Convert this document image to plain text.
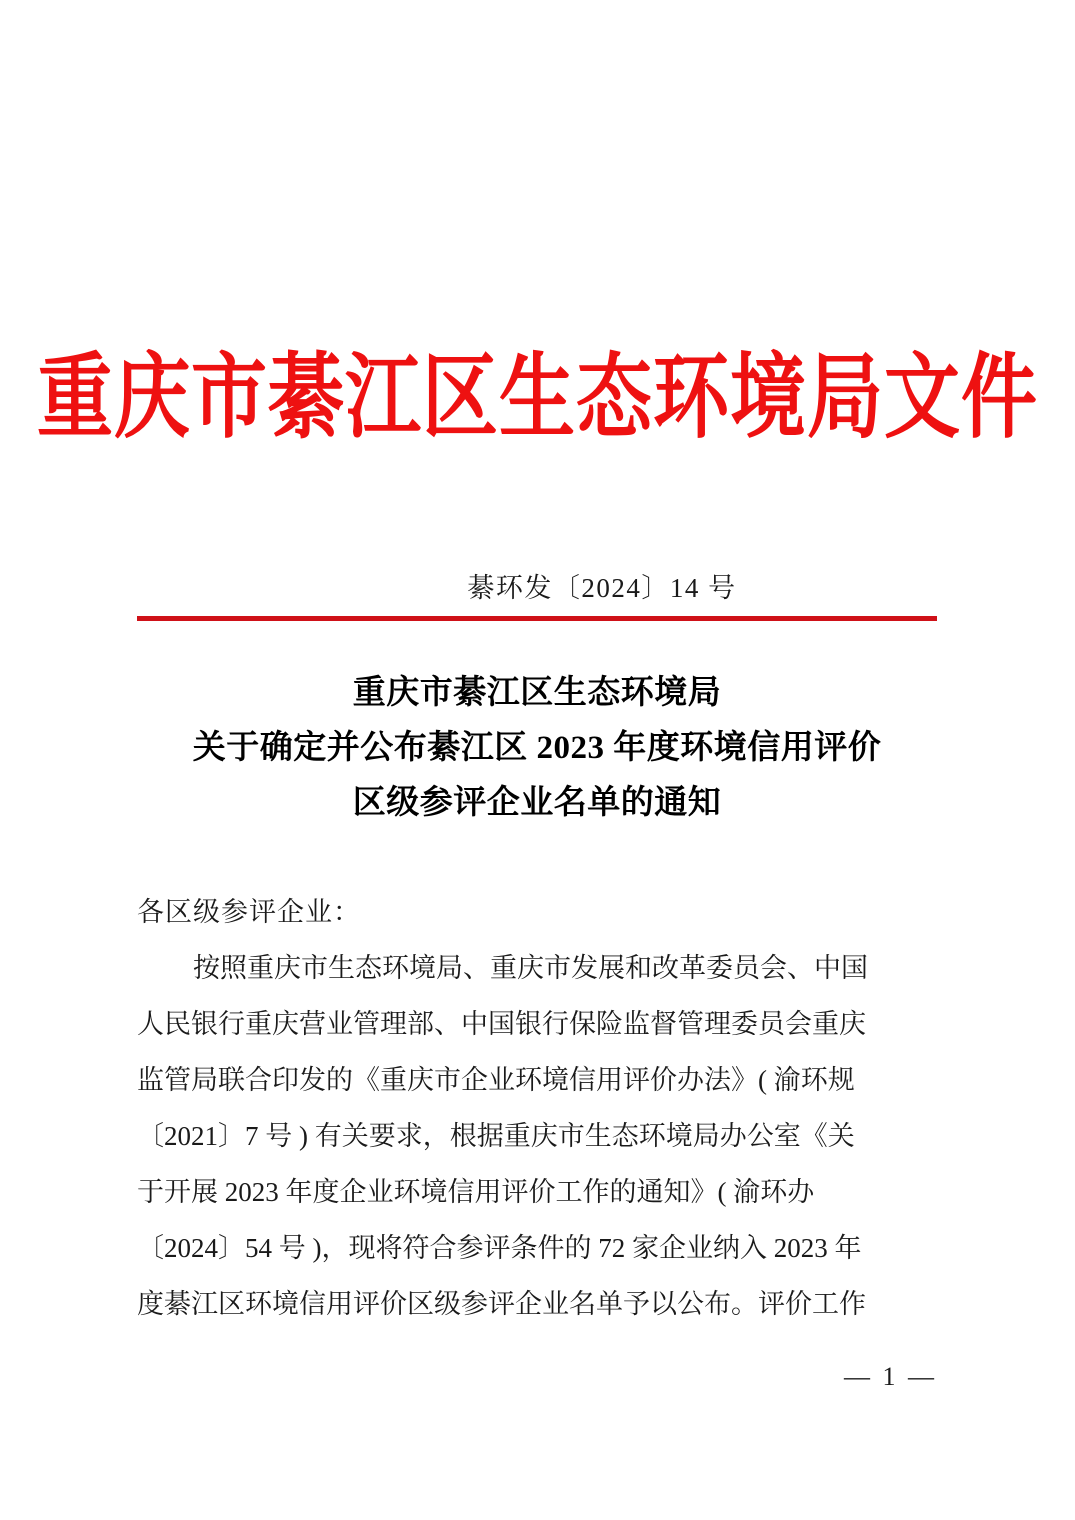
重庆市綦江区生态环境局文件
綦环发〔2024〕14 号
重庆市綦江区生态环境局
关于确定并公布綦江区 2023 年度环境信用评价
区级参评企业名单的通知
各区级参评企业：
按照重庆市生态环境局、重庆市发展和改革委员会、中国
人民银行重庆营业管理部、中国银行保险监督管理委员会重庆
监管局联合印发的《重庆市企业环境信用评价办法》( 渝环规
〔2021〕7 号 ) 有关要求，根据重庆市生态环境局办公室《关
于开展 2023 年度企业环境信用评价工作的通知》( 渝环办
〔2024〕54 号 )，现将符合参评条件的 72 家企业纳入 2023 年
度綦江区环境信用评价区级参评企业名单予以公布。评价工作
— 1 —
